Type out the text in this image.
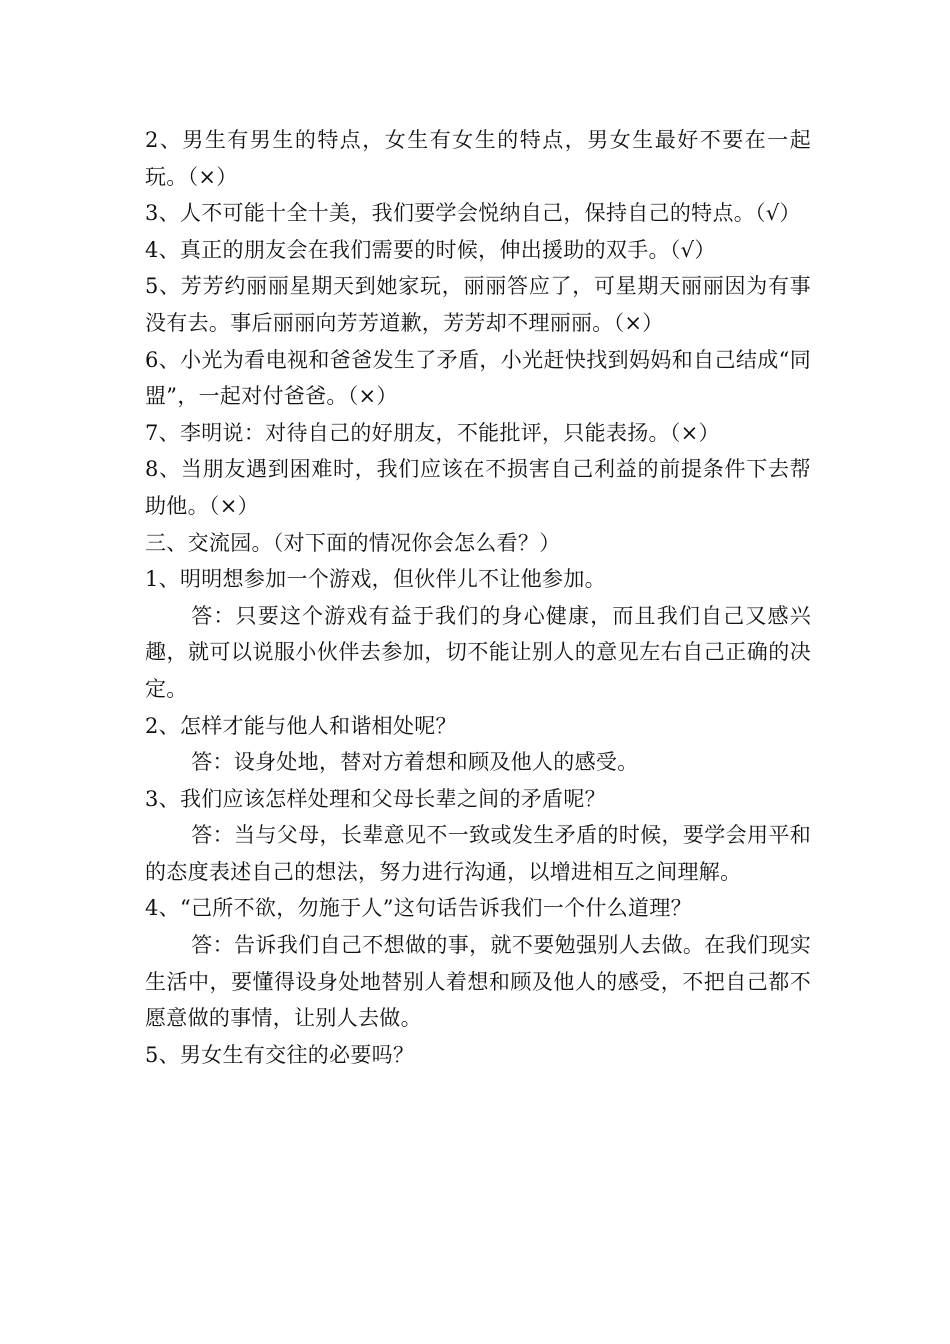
2、男生有男生的特点，女生有女生的特点，男女生最好不要在一起玩。（×）

3、人不可能十全十美，我们要学会悦纳自己，保持自己的特点。（√）

4、真正的朋友会在我们需要的时候，伸出援助的双手。（√）

5、芳芳约丽丽星期天到她家玩，丽丽答应了，可星期天丽丽因为有事没有去。事后丽丽向芳芳道歉，芳芳却不理丽丽。（×）

6、小光为看电视和爸爸发生了矛盾，小光赶快找到妈妈和自己结成“同盟”，一起对付爸爸。（×）

7、李明说：对待自己的好朋友，不能批评，只能表扬。（×）

8、当朋友遇到困难时，我们应该在不损害自己利益的前提条件下去帮助他。（×）

三、交流园。（对下面的情况你会怎么看？）

1、明明想参加一个游戏，但伙伴儿不让他参加。

答：只要这个游戏有益于我们的身心健康，而且我们自己又感兴趣，就可以说服小伙伴去参加，切不能让别人的意见左右自己正确的决定。

2、怎样才能与他人和谐相处呢？

答：设身处地，替对方着想和顾及他人的感受。

3、我们应该怎样处理和父母长辈之间的矛盾呢？

答：当与父母，长辈意见不一致或发生矛盾的时候，要学会用平和的态度表述自己的想法，努力进行沟通，以增进相互之间理解。

4、“己所不欲，勿施于人”这句话告诉我们一个什么道理？

答：告诉我们自己不想做的事，就不要勉强别人去做。在我们现实生活中，要懂得设身处地替别人着想和顾及他人的感受，不把自己都不愿意做的事情，让别人去做。

5、男女生有交往的必要吗？
